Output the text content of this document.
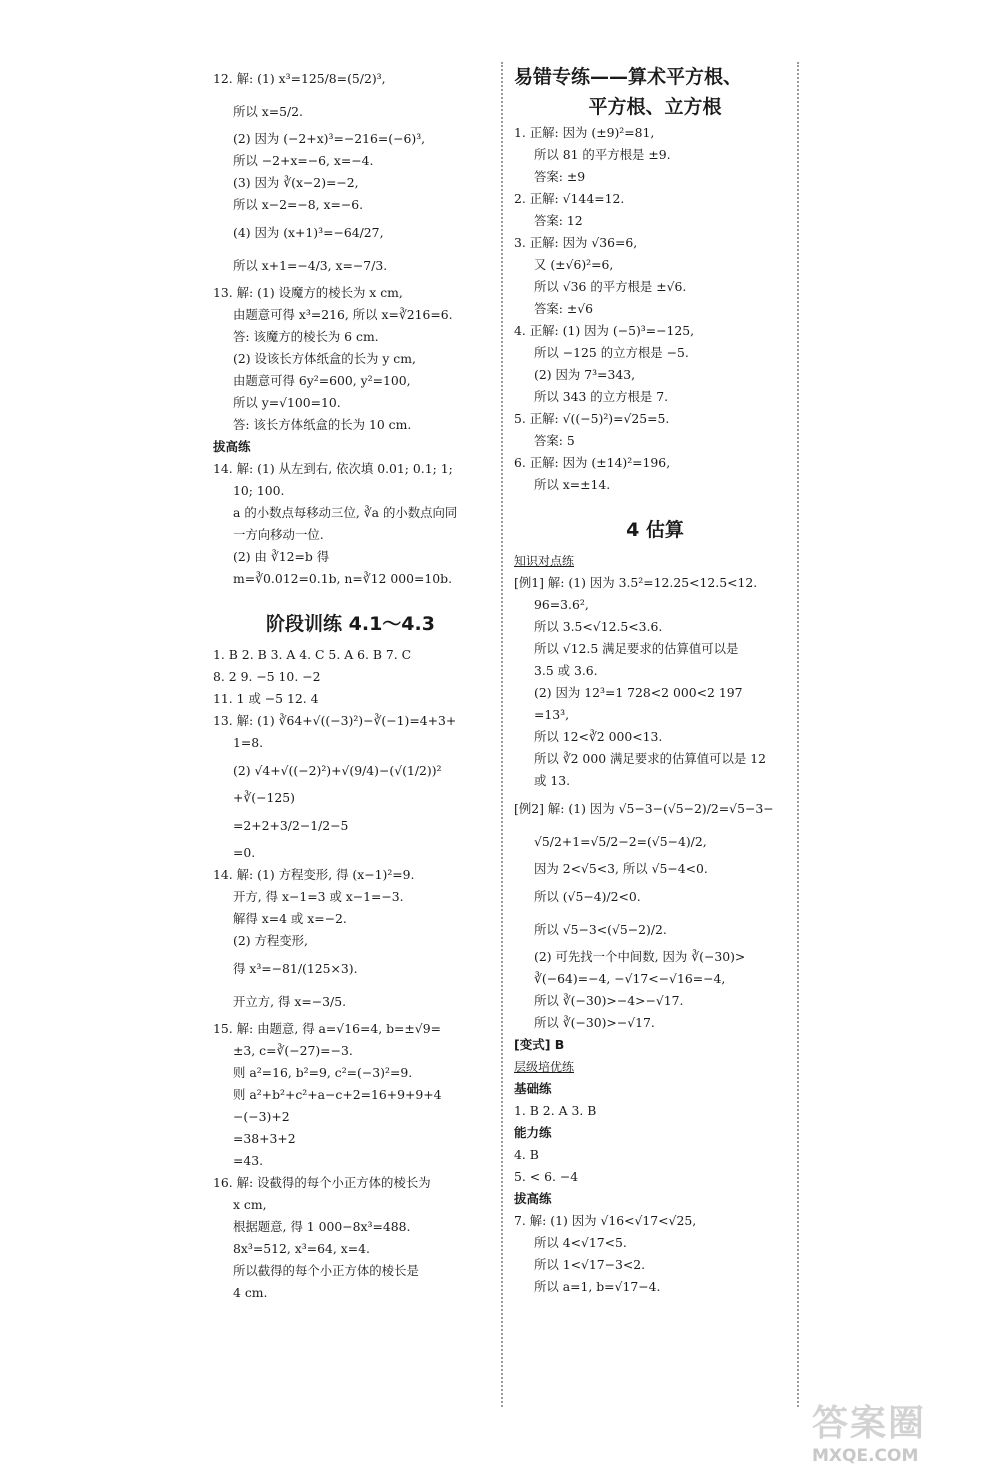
12. 解: (1) x³=125/8=(5/2)³,
所以 x=5/2.
(2) 因为 (−2+x)³=−216=(−6)³,
所以 −2+x=−6, x=−4.
(3) 因为 ∛(x−2)=−2,
所以 x−2=−8, x=−6.
(4) 因为 (x+1)³=−64/27,
所以 x+1=−4/3, x=−7/3.
13. 解: (1) 设魔方的棱长为 x cm,
由题意可得 x³=216, 所以 x=∛216=6.
答: 该魔方的棱长为 6 cm.
(2) 设该长方体纸盒的长为 y cm,
由题意可得 6y²=600, y²=100,
所以 y=√100=10.
答: 该长方体纸盒的长为 10 cm.
拔高练
14. 解: (1) 从左到右, 依次填 0.01; 0.1; 1;
10; 100.
a 的小数点每移动三位, ∛a 的小数点向同
一方向移动一位.
(2) 由 ∛12=b 得
m=∛0.012=0.1b, n=∛12 000=10b.
阶段训练 4.1～4.3
1. B 2. B 3. A 4. C 5. A 6. B 7. C
8. 2 9. −5 10. −2
11. 1 或 −5 12. 4
13. 解: (1) ∛64+√((−3)²)−∛(−1)=4+3+
1=8.
(2) √4+√((−2)²)+√(9/4)−(√(1/2))²
+∛(−125)
=2+2+3/2−1/2−5
=0.
14. 解: (1) 方程变形, 得 (x−1)²=9.
开方, 得 x−1=3 或 x−1=−3.
解得 x=4 或 x=−2.
(2) 方程变形,
得 x³=−81/(125×3).
开立方, 得 x=−3/5.
15. 解: 由题意, 得 a=√16=4, b=±√9=
±3, c=∛(−27)=−3.
则 a²=16, b²=9, c²=(−3)²=9.
则 a²+b²+c²+a−c+2=16+9+9+4
−(−3)+2
=38+3+2
=43.
16. 解: 设截得的每个小正方体的棱长为
x cm,
根据题意, 得 1 000−8x³=488.
8x³=512, x³=64, x=4.
所以截得的每个小正方体的棱长是
4 cm.
易错专练——算术平方根、
平方根、立方根
1. 正解: 因为 (±9)²=81,
所以 81 的平方根是 ±9.
答案: ±9
2. 正解: √144=12.
答案: 12
3. 正解: 因为 √36=6,
又 (±√6)²=6,
所以 √36 的平方根是 ±√6.
答案: ±√6
4. 正解: (1) 因为 (−5)³=−125,
所以 −125 的立方根是 −5.
(2) 因为 7³=343,
所以 343 的立方根是 7.
5. 正解: √((−5)²)=√25=5.
答案: 5
6. 正解: 因为 (±14)²=196,
所以 x=±14.
4 估算
知识对点练
[例1] 解: (1) 因为 3.5²=12.25<12.5<12.
96=3.6²,
所以 3.5<√12.5<3.6.
所以 √12.5 满足要求的估算值可以是
3.5 或 3.6.
(2) 因为 12³=1 728<2 000<2 197
=13³,
所以 12<∛2 000<13.
所以 ∛2 000 满足要求的估算值可以是 12
或 13.
[例2] 解: (1) 因为 √5−3−(√5−2)/2=√5−3−
√5/2+1=√5/2−2=(√5−4)/2,
因为 2<√5<3, 所以 √5−4<0.
所以 (√5−4)/2<0.
所以 √5−3<(√5−2)/2.
(2) 可先找一个中间数, 因为 ∛(−30)>
∛(−64)=−4, −√17<−√16=−4,
所以 ∛(−30)>−4>−√17.
所以 ∛(−30)>−√17.
[变式] B
层级培优练
基础练
1. B 2. A 3. B
能力练
4. B
5. < 6. −4
拔高练
7. 解: (1) 因为 √16<√17<√25,
所以 4<√17<5.
所以 1<√17−3<2.
所以 a=1, b=√17−4.
答案圈
MXQE.COM
